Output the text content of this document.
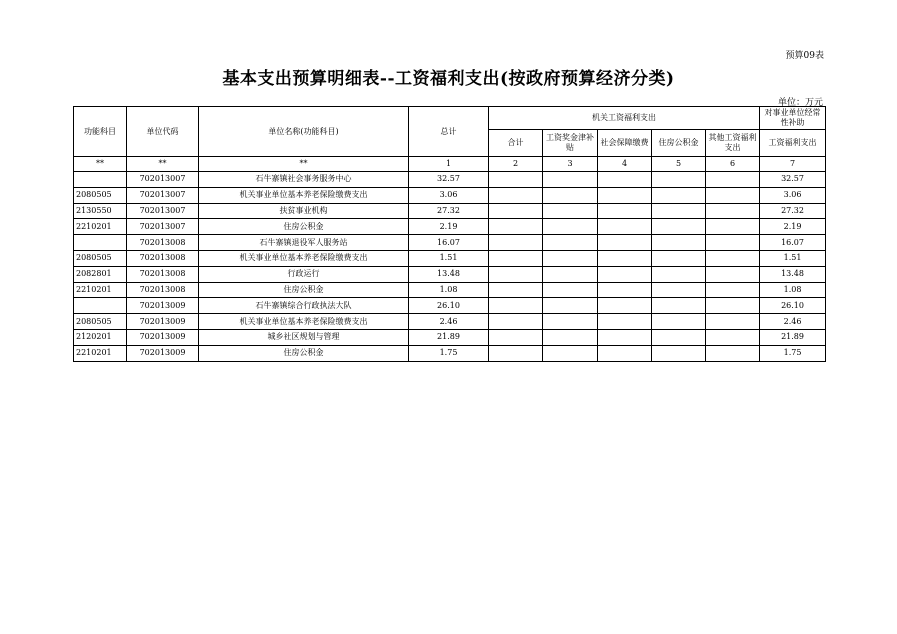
预算09表
基本支出预算明细表--工资福利支出(按政府预算经济分类)
单位：万元
功能科目	单位代码	单位名称(功能科目)	总计	机关工资福利支出					对事业单位经常性补助
				合计	工资奖金津补贴	社会保障缴费	住房公积金	其他工资福利支出	工资福利支出
**	**	**	1	2	3	4	5	6	7
	702013007	石牛寨镇社会事务服务中心	32.57						32.57
2080505	702013007	机关事业单位基本养老保险缴费支出	3.06						3.06
2130550	702013007	扶贫事业机构	27.32						27.32
2210201	702013007	住房公积金	2.19						2.19
	702013008	石牛寨镇退役军人服务站	16.07						16.07
2080505	702013008	机关事业单位基本养老保险缴费支出	1.51						1.51
2082801	702013008	行政运行	13.48						13.48
2210201	702013008	住房公积金	1.08						1.08
	702013009	石牛寨镇综合行政执法大队	26.10						26.10
2080505	702013009	机关事业单位基本养老保险缴费支出	2.46						2.46
2120201	702013009	城乡社区规划与管理	21.89						21.89
2210201	702013009	住房公积金	1.75						1.75
